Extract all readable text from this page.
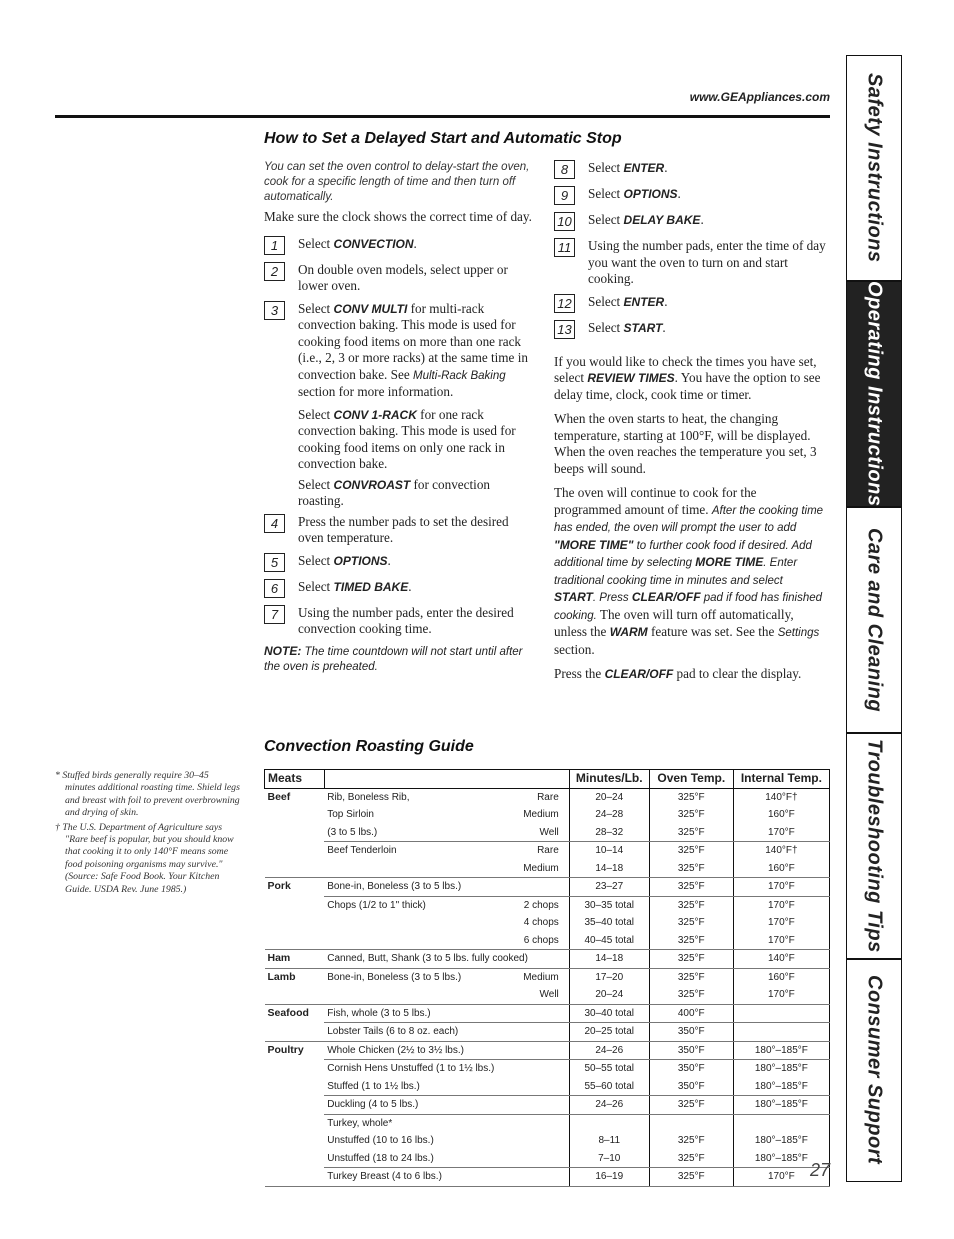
www.GEAppliances.com
How to Set a Delayed Start and Automatic Stop

You can set the oven control to delay-start the oven, cook for a specific length of time and then turn off automatically.

Make sure the clock shows the correct time of day.

1	Select CONVECTION.
2	On double oven models, select upper or lower oven.
3	Select CONV MULTI for multi-rack convection baking. This mode is used for cooking food items on more than one rack (i.e., 2, 3 or more racks) at the same time in convection bake. See Multi-Rack Baking section for more information.

Select CONV 1-RACK for one rack convection baking. This mode is used for cooking food items on only one rack in convection bake.

Select CONVROAST for convection roasting.

4	Press the number pads to set the desired oven temperature.
5	Select OPTIONS.
6	Select TIMED BAKE.
7	Using the number pads, enter the desired convection cooking time.

NOTE: The time countdown will not start until after the oven is preheated.

8	Select ENTER.
9	Select OPTIONS.
10 Select DELAY BAKE.
11 Using the number pads, enter the time of day you want the oven to turn on and start cooking.
12 Select ENTER.
13 Select START.

If you would like to check the times you have set, select REVIEW TIMES. You have the option to see delay time, clock, cook time or timer.

When the oven starts to heat, the changing temperature, starting at 100°F, will be displayed. When the oven reaches the temperature you set, 3 beeps will sound.

The oven will continue to cook for the programmed amount of time. After the cooking time has ended, the oven will prompt the user to add "MORE TIME" to further cook food if desired. Add additional time by selecting MORE TIME. Enter traditional cooking time in minutes and select START. Press CLEAR/OFF pad if food has finished cooking. The oven will turn off automatically, unless the WARM feature was set. See the Settings section.

Press the CLEAR/OFF pad to clear the display.

Convection Roasting Guide

* Stuffed birds generally require 30–45 minutes additional roasting time. Shield legs and breast with foil to prevent overbrowning and drying of skin.

† The U.S. Department of Agriculture says "Rare beef is popular, but you should know that cooking it to only 140°F means some food poisoning organisms may survive." (Source: Safe Food Book. Your Kitchen Guide. USDA Rev. June 1985.)

Meats		Minutes/Lb.	Oven Temp.	Internal Temp.
Beef	Rib, Boneless Rib, Rare	20–24	325°F	140°F†
	Top Sirloin Medium	24–28	325°F	160°F
	(3 to 5 lbs.) Well	28–32	325°F	170°F
	Beef Tenderloin Rare	10–14	325°F	140°F†

	Medium	14–18	325°F	160°F
Pork	Bone-in, Boneless (3 to 5 lbs.)	23–27	325°F	170°F
	Chops (1/2 to 1" thick) 2 chops	30–35 total	325°F	170°F

	4 chops	35–40 total	325°F	170°F

	6 chops	40–45 total	325°F	170°F
Ham	Canned, Butt, Shank (3 to 5 lbs. fully cooked)	14–18	325°F	140°F
Lamb	Bone-in, Boneless (3 to 5 lbs.) Medium	17–20	325°F	160°F

	Well	20–24	325°F	170°F
Seafood	Fish, whole (3 to 5 lbs.)	30–40 total	400°F	
	Lobster Tails (6 to 8 oz. each)	20–25 total	350°F	
Poultry	Whole Chicken (2½ to 3½ lbs.)	24–26	350°F	180°–185°F
	Cornish Hens Unstuffed (1 to 1½ lbs.)	50–55 total	350°F	180°–185°F
	Stuffed (1 to 1½ lbs.)	55–60 total	350°F	180°–185°F
	Duckling (4 to 5 lbs.)	24–26	325°F	180°–185°F
	Turkey, whole*

	Unstuffed (10 to 16 lbs.)	8–11	325°F	180°–185°F
	Unstuffed (18 to 24 lbs.)	7–10	325°F	180°–185°F
	Turkey Breast (4 to 6 lbs.)	16–19	325°F	170°F 27
Safety Instructions
Operating Instructions
Care and Cleaning
Troubleshooting Tips
Consumer Support
